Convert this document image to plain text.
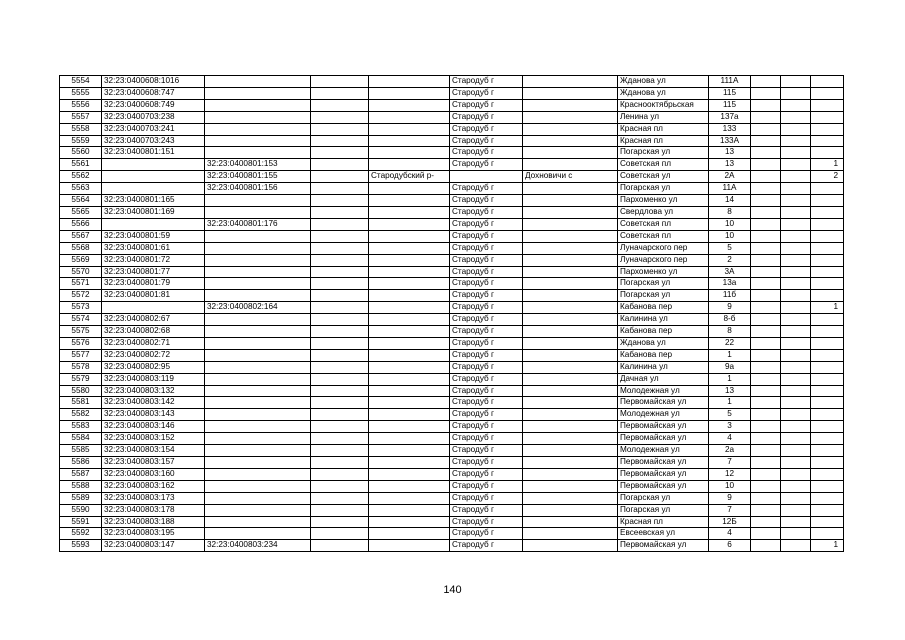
5554	32:23:0400608:1016				Стародуб г		Жданова ул	111А			
5555	32:23:0400608:747				Стародуб г		Жданова ул	115			
5556	32:23:0400608:749				Стародуб г		Краснооктябрьская	115			
5557	32:23:0400703:238				Стародуб г		Ленина ул	137а			
5558	32:23:0400703:241				Стародуб г		Красная пл	133			
5559	32:23:0400703:243				Стародуб г		Красная пл	133А			
5560	32:23:0400801:151				Стародуб г		Погарская ул	13			
5561		32:23:0400801:153			Стародуб г		Советская пл	13			1
5562		32:23:0400801:155		Стародубский р-		Дохновичи с	Советская ул	2А			2
5563		32:23:0400801:156			Стародуб г		Погарская ул	11А			
5564	32:23:0400801:165				Стародуб г		Пархоменко ул	14			
5565	32:23:0400801:169				Стародуб г		Свердлова ул	8			
5566		32:23:0400801:176			Стародуб г		Советская пл	10			
5567	32:23:0400801:59				Стародуб г		Советская пл	10			
5568	32:23:0400801:61				Стародуб г		Луначарского пер	5			
5569	32:23:0400801:72				Стародуб г		Луначарского пер	2			
5570	32:23:0400801:77				Стародуб г		Пархоменко ул	3А			
5571	32:23:0400801:79				Стародуб г		Погарская ул	13а			
5572	32:23:0400801:81				Стародуб г		Погарская ул	11б			
5573		32:23:0400802:164			Стародуб г		Кабанова пер	9			1
5574	32:23:0400802:67				Стародуб г		Калинина ул	8-б			
5575	32:23:0400802:68				Стародуб г		Кабанова пер	8			
5576	32:23:0400802:71				Стародуб г		Жданова ул	22			
5577	32:23:0400802:72				Стародуб г		Кабанова пер	1			
5578	32:23:0400802:95				Стародуб г		Калинина ул	9а			
5579	32:23:0400803:119				Стародуб г		Дачная ул	1			
5580	32:23:0400803:132				Стародуб г		Молодежная ул	13			
5581	32:23:0400803:142				Стародуб г		Первомайская ул	1			
5582	32:23:0400803:143				Стародуб г		Молодежная ул	5			
5583	32:23:0400803:146				Стародуб г		Первомайская ул	3			
5584	32:23:0400803:152				Стародуб г		Первомайская ул	4			
5585	32:23:0400803:154				Стародуб г		Молодежная ул	2а			
5586	32:23:0400803:157				Стародуб г		Первомайская ул	7			
5587	32:23:0400803:160				Стародуб г		Первомайская ул	12			
5588	32:23:0400803:162				Стародуб г		Первомайская ул	10			
5589	32:23:0400803:173				Стародуб г		Погарская ул	9			
5590	32:23:0400803:178				Стародуб г		Погарская ул	7			
5591	32:23:0400803:188				Стародуб г		Красная пл	12Б			
5592	32:23:0400803:195				Стародуб г		Евсеевская ул	4			
5593	32:23:0400803:147	32:23:0400803:234			Стародуб г		Первомайская ул	6			1
140
